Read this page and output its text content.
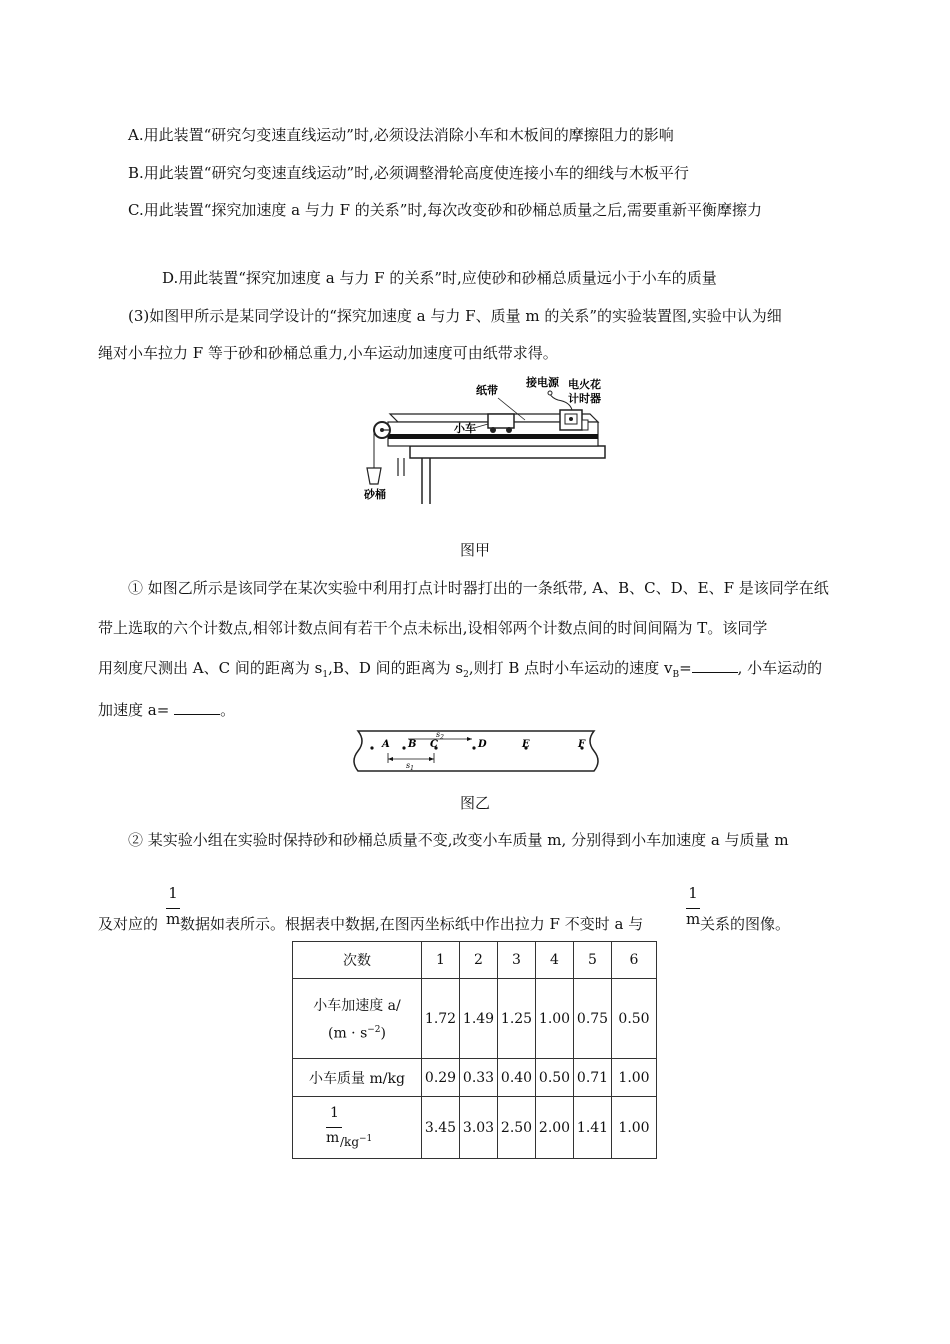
A.用此装置“研究匀变速直线运动”时,必须设法消除小车和木板间的摩擦阻力的影响
B.用此装置“研究匀变速直线运动”时,必须调整滑轮高度使连接小车的细线与木板平行
C.用此装置“探究加速度 a 与力 F 的关系”时,每次改变砂和砂桶总质量之后,需要重新平衡摩擦力
D.用此装置“探究加速度 a 与力 F 的关系”时,应使砂和砂桶总质量远小于小车的质量
(3)如图甲所示是某同学设计的“探究加速度 a 与力 F、质量 m 的关系”的实验装置图,实验中认为细
绳对小车拉力 F 等于砂和砂桶总重力,小车运动加速度可由纸带求得。
纸带
接电源 电火花
计时器
小车
砂桶
图甲
① 如图乙所示是该同学在某次实验中利用打点计时器打出的一条纸带, A、B、C、D、E、F 是该同学在纸
带上选取的六个计数点,相邻计数点间有若干个点未标出,设相邻两个计数点间的时间间隔为 T。该同学
用刻度尺测出 A、C 间的距离为 $s_1,B$、D 间的距离为 $s_2$,则打 B 点时小车运动的速度 $v_B=$	, 小车运动的
加速度 a=	。
A B C	D	E	F
$s_2$
$s_1$
图乙
② 某实验小组在实验时保持砂和砂桶总质量不变,改变小车质量 m, 分别得到小车加速度 a 与质量 m
1
m
1
m
及对应的 数据如表所示。根据表中数据,在图丙坐标纸中作出拉力 F 不变时 a 与	关系的图像。
次数	1	2	3	4	5	6

小车加速度 a/
$(m \cdot s^{-2})$	1.72	1.49	1.25	1.00	0.75	0.50
小车质量 m/kg	0.29	0.33	0.40	0.50	0.71	1.00

1
m $/kg^{-1}$	3.45	3.03	2.50	2.00	1.41	1.00
